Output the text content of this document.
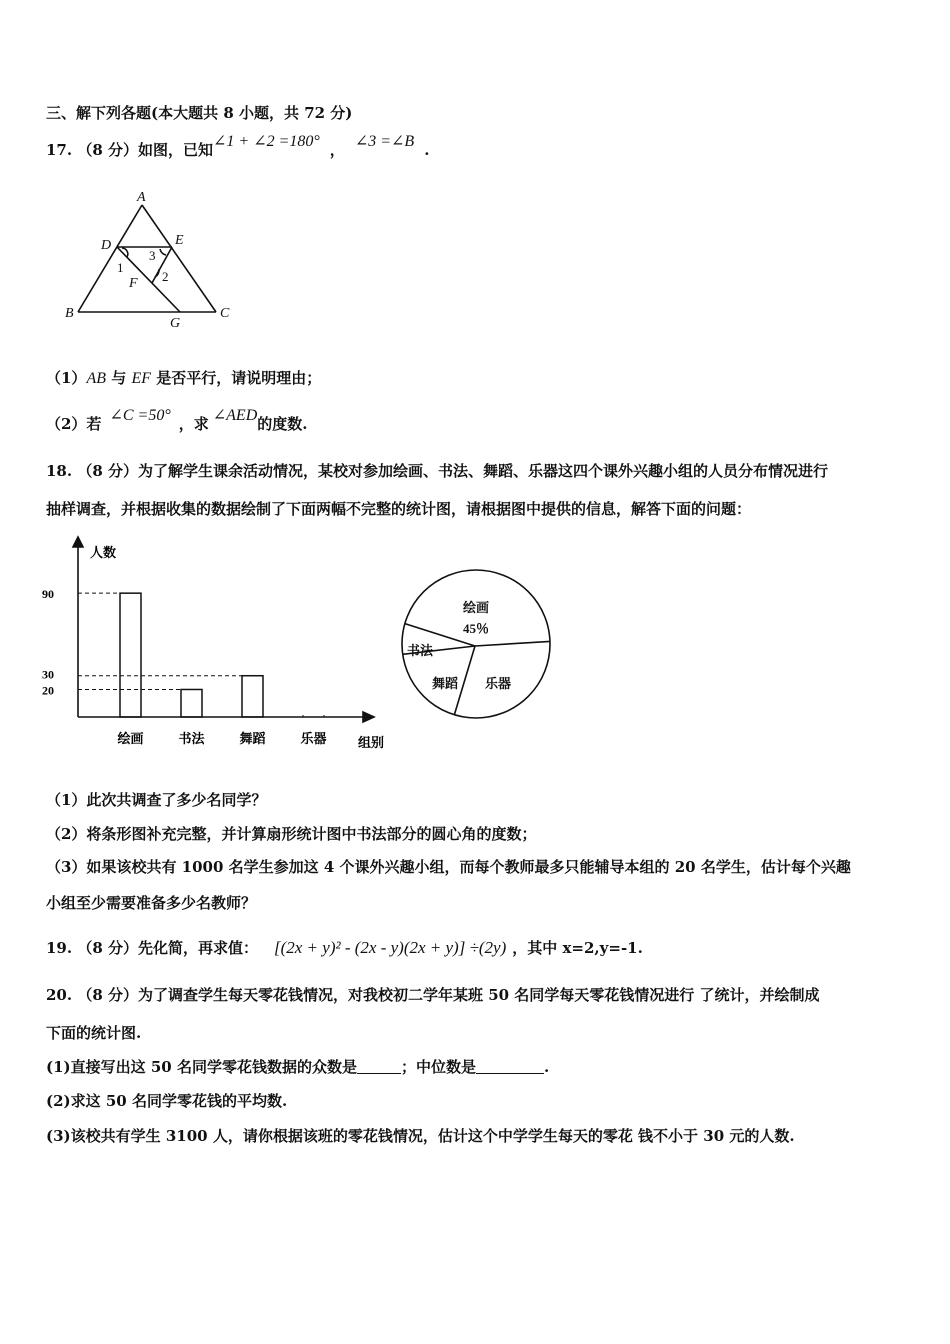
三、解下列各题(本大题共 8 小题，共 72 分)
17. （8 分）如图，已知∠1 + ∠2 =180° ， ∠3 =∠B .
A
D	E
3
1
2
F
B
G
C
（1）AB 与 EF 是否平行，请说明理由；
（2）若 ∠C =50° ，求 ∠AED的度数.
18. （8 分）为了解学生课余活动情况，某校对参加绘画、书法、舞蹈、乐器这四个课外兴趣小组的人员分布情况进行
抽样调查，并根据收集的数据绘制了下面两幅不完整的统计图，请根据图中提供的信息，解答下面的问题：
人数
组别
90
30
20
绘画	书法	舞蹈	乐器
绘画
45％
书法
舞蹈 乐器
（1）此次共调查了多少名同学？
（2）将条形图补充完整，并计算扇形统计图中书法部分的圆心角的度数；
（3）如果该校共有 1000 名学生参加这 4 个课外兴趣小组，而每个教师最多只能辅导本组的 20 名学生，估计每个兴趣
小组至少需要准备多少名教师？
19. （8 分）先化简，再求值： [(2x + y)² - (2x - y)(2x + y)] ÷(2y) ，其中 x=2,y=-1.
20. （8 分）为了调查学生每天零花钱情况，对我校初二学年某班 50 名同学每天零花钱情况进行 了统计，并绘制成
下面的统计图.
(1)直接写出这 50 名同学零花钱数据的众数是	；中位数是	.
(2)求这 50 名同学零花钱的平均数.
(3)该校共有学生 3100 人，请你根据该班的零花钱情况，估计这个中学学生每天的零花 钱不小于 30 元的人数.
